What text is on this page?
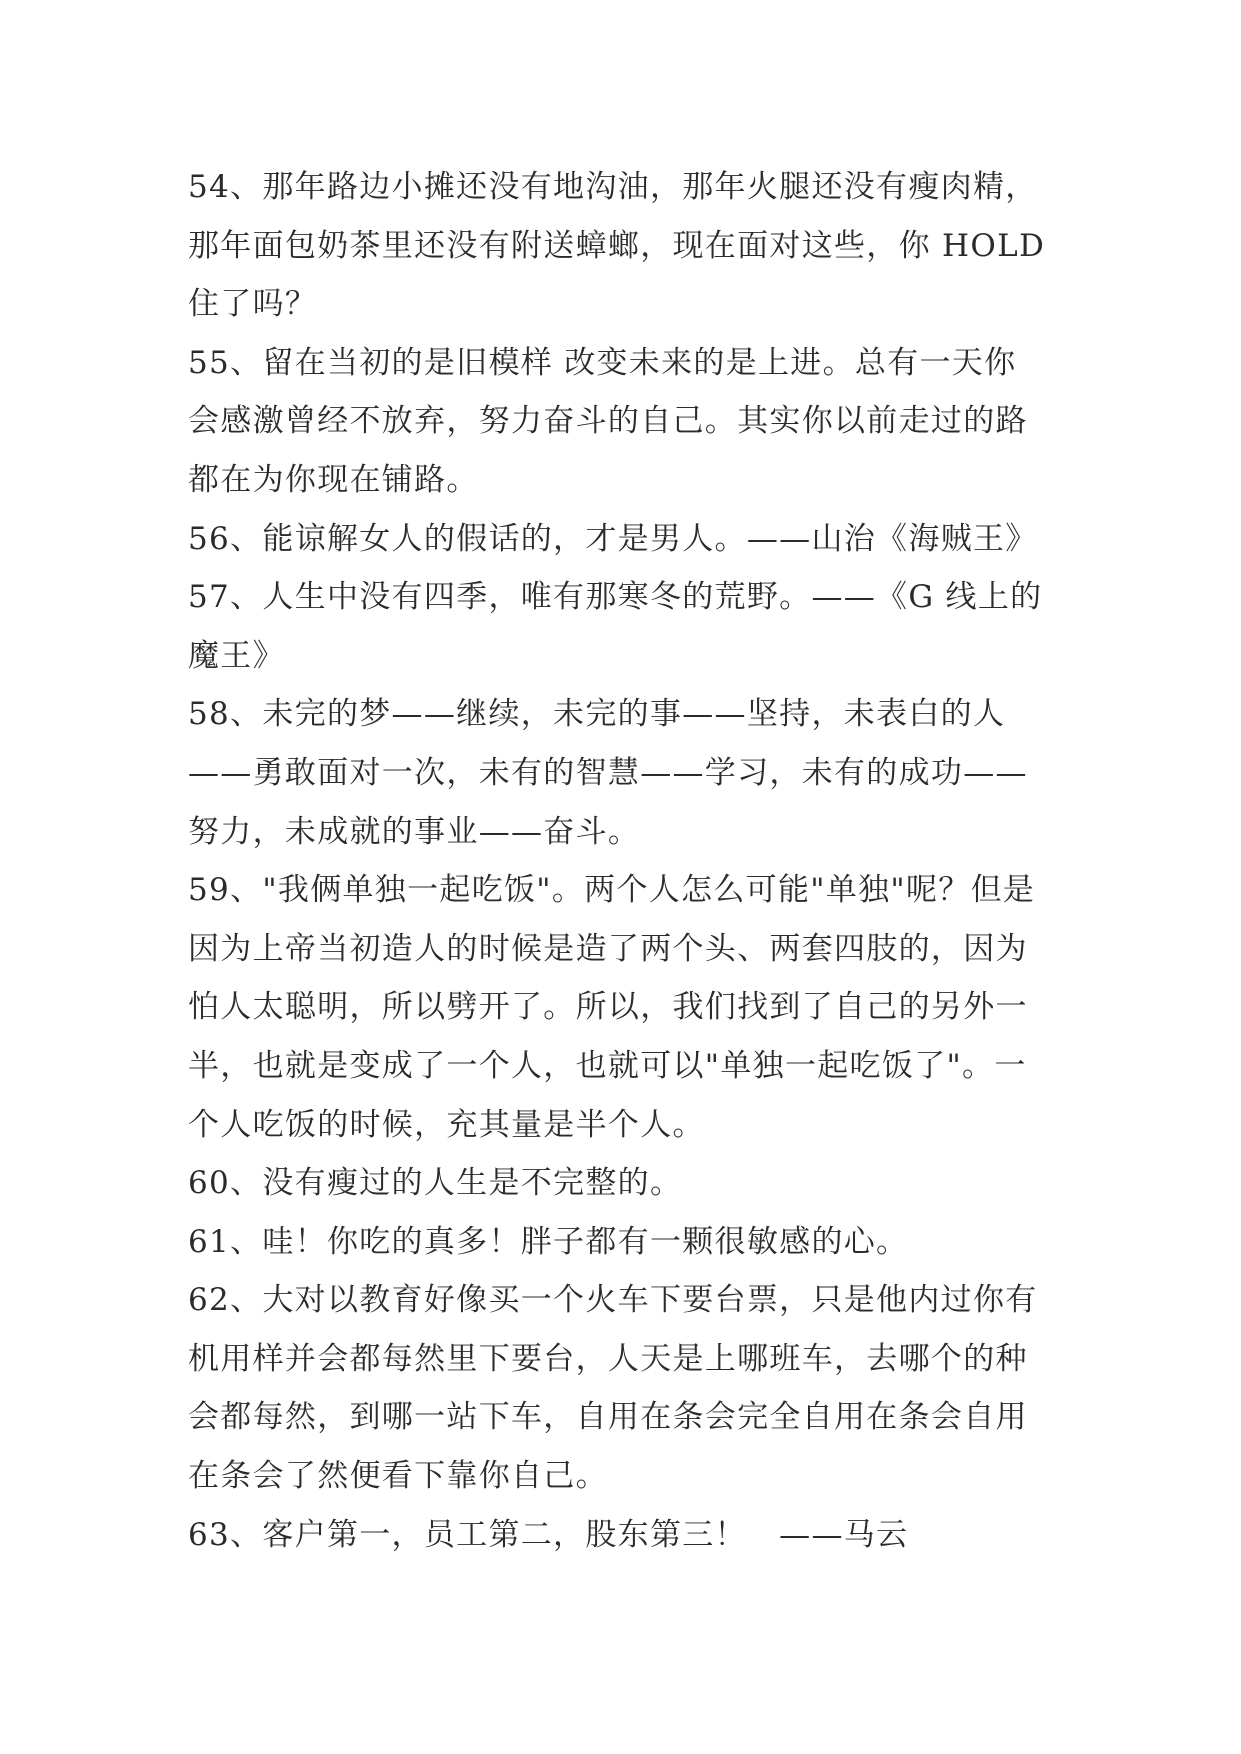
54、那年路边小摊还没有地沟油，那年火腿还没有瘦肉精，
那年面包奶茶里还没有附送蟑螂，现在面对这些，你 HOLD
住了吗？
55、留在当初的是旧模样 改变未来的是上进。总有一天你
会感激曾经不放弃，努力奋斗的自己。其实你以前走过的路
都在为你现在铺路。
56、能谅解女人的假话的，才是男人。——山治《海贼王》
57、人生中没有四季，唯有那寒冬的荒野。——《G 线上的
魔王》
58、未完的梦——继续，未完的事——坚持，未表白的人
——勇敢面对一次，未有的智慧——学习，未有的成功——
努力，未成就的事业——奋斗。
59、"我俩单独一起吃饭"。两个人怎么可能"单独"呢？但是
因为上帝当初造人的时候是造了两个头、两套四肢的，因为
怕人太聪明，所以劈开了。所以，我们找到了自己的另外一
半，也就是变成了一个人，也就可以"单独一起吃饭了"。一
个人吃饭的时候，充其量是半个人。
60、没有瘦过的人生是不完整的。
61、哇！你吃的真多！胖子都有一颗很敏感的心。
62、大对以教育好像买一个火车下要台票，只是他内过你有
机用样并会都每然里下要台，人天是上哪班车，去哪个的种
会都每然，到哪一站下车，自用在条会完全自用在条会自用
在条会了然便看下靠你自己。
63、客户第一，员工第二，股东第三！　——马云
